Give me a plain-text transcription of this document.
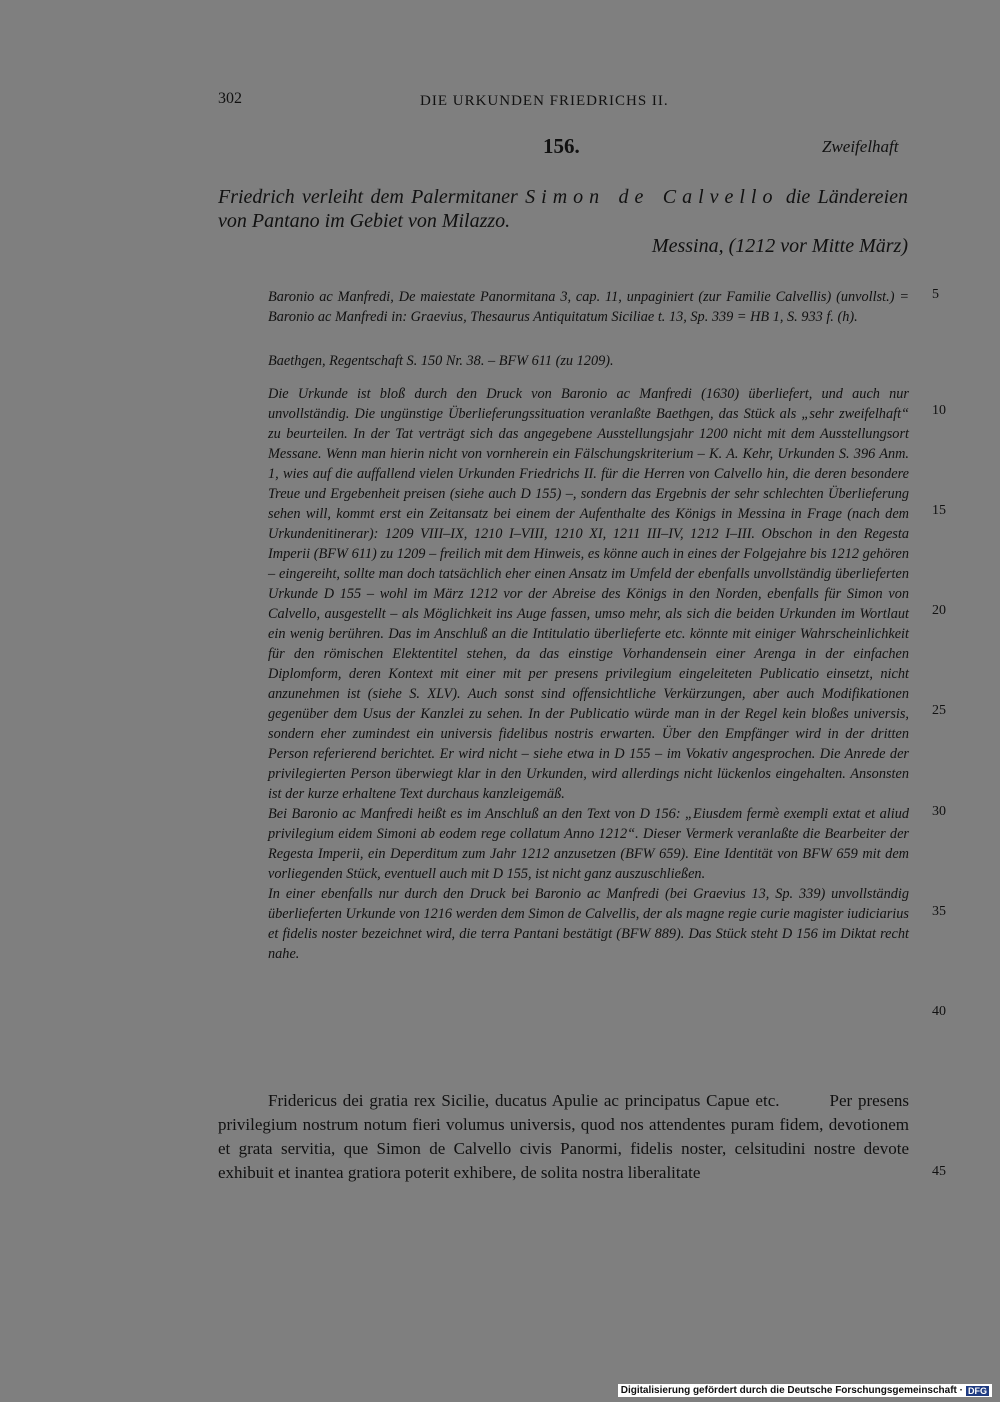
302	DIE URKUNDEN FRIEDRICHS II.
156.	Zweifelhaft
Friedrich verleiht dem Palermitaner Simon de Calvello die Ländereien von Pantano im Gebiet von Milazzo.
Messina, (1212 vor Mitte März)
Baronio ac Manfredi, De maiestate Panormitana 3, cap. 11, unpaginiert (zur Familie Calvellis) (unvollst.) = Baronio ac Manfredi in: Graevius, Thesaurus Antiquitatum Siciliae t. 13, Sp. 339 = HB 1, S. 933 f. (h).
Baethgen, Regentschaft S. 150 Nr. 38. – BFW 611 (zu 1209).
Die Urkunde ist bloß durch den Druck von Baronio ac Manfredi (1630) überliefert, und auch nur unvollständig. Die ungünstige Überlieferungssituation veranlaßte Baethgen, das Stück als „sehr zweifelhaft“ zu beurteilen. In der Tat verträgt sich das angegebene Ausstellungsjahr 1200 nicht mit dem Ausstellungsort Messane. Wenn man hierin nicht von vornherein ein Fälschungskriterium – K. A. Kehr, Urkunden S. 396 Anm. 1, wies auf die auffallend vielen Urkunden Friedrichs II. für die Herren von Calvello hin, die deren besondere Treue und Ergebenheit preisen (siehe auch D 155) –, sondern das Ergebnis der sehr schlechten Überlieferung sehen will, kommt erst ein Zeitansatz bei einem der Aufenthalte des Königs in Messina in Frage (nach dem Urkundenitinerar): 1209 VIII–IX, 1210 I–VIII, 1210 XI, 1211 III–IV, 1212 I–III. Obschon in den Regesta Imperii (BFW 611) zu 1209 – freilich mit dem Hinweis, es könne auch in eines der Folgejahre bis 1212 gehören – eingereiht, sollte man doch tatsächlich eher einen Ansatz im Umfeld der ebenfalls unvollständig überlieferten Urkunde D 155 – wohl im März 1212 vor der Abreise des Königs in den Norden, ebenfalls für Simon von Calvello, ausgestellt – als Möglichkeit ins Auge fassen, umso mehr, als sich die beiden Urkunden im Wortlaut ein wenig berühren. Das im Anschluß an die Intitulatio überlieferte etc. könnte mit einiger Wahrscheinlichkeit für den römischen Elektentitel stehen, da das einstige Vorhandensein einer Arenga in der einfachen Diplomform, deren Kontext mit einer mit per presens privilegium eingeleiteten Publicatio einsetzt, nicht anzunehmen ist (siehe S. XLV). Auch sonst sind offensichtliche Verkürzungen, aber auch Modifikationen gegenüber dem Usus der Kanzlei zu sehen. In der Publicatio würde man in der Regel kein bloßes universis, sondern eher zumindest ein universis fidelibus nostris erwarten. Über den Empfänger wird in der dritten Person referierend berichtet. Er wird nicht – siehe etwa in D 155 – im Vokativ angesprochen. Die Anrede der privilegierten Person überwiegt klar in den Urkunden, wird allerdings nicht lückenlos eingehalten. Ansonsten ist der kurze erhaltene Text durchaus kanzleigemäß.
Bei Baronio ac Manfredi heißt es im Anschluß an den Text von D 156: „Eiusdem fermè exempli extat et aliud privilegium eidem Simoni ab eodem rege collatum Anno 1212“. Dieser Vermerk veranlaßte die Bearbeiter der Regesta Imperii, ein Deperditum zum Jahr 1212 anzusetzen (BFW 659). Eine Identität von BFW 659 mit dem vorliegenden Stück, eventuell auch mit D 155, ist nicht ganz auszuschließen.
In einer ebenfalls nur durch den Druck bei Baronio ac Manfredi (bei Graevius 13, Sp. 339) unvollständig überlieferten Urkunde von 1216 werden dem Simon de Calvellis, der als magne regie curie magister iudiciarius et fidelis noster bezeichnet wird, die terra Pantani bestätigt (BFW 889). Das Stück steht D 156 im Diktat recht nahe.
5
10
15
20
25
30
35
40
45
Fridericus dei gratia rex Sicilie, ducatus Apulie ac principatus Capue etc.	Per presens privilegium nostrum notum fieri volumus universis, quod nos attendentes puram fidem, devotionem et grata servitia, que Simon de Calvello civis Panormi, fidelis noster, celsitudini nostre devote exhibuit et inantea gratiora poterit exhibere, de solita nostra liberalitate
Digitalisierung gefördert durch die Deutsche Forschungsgemeinschaft · DFG
